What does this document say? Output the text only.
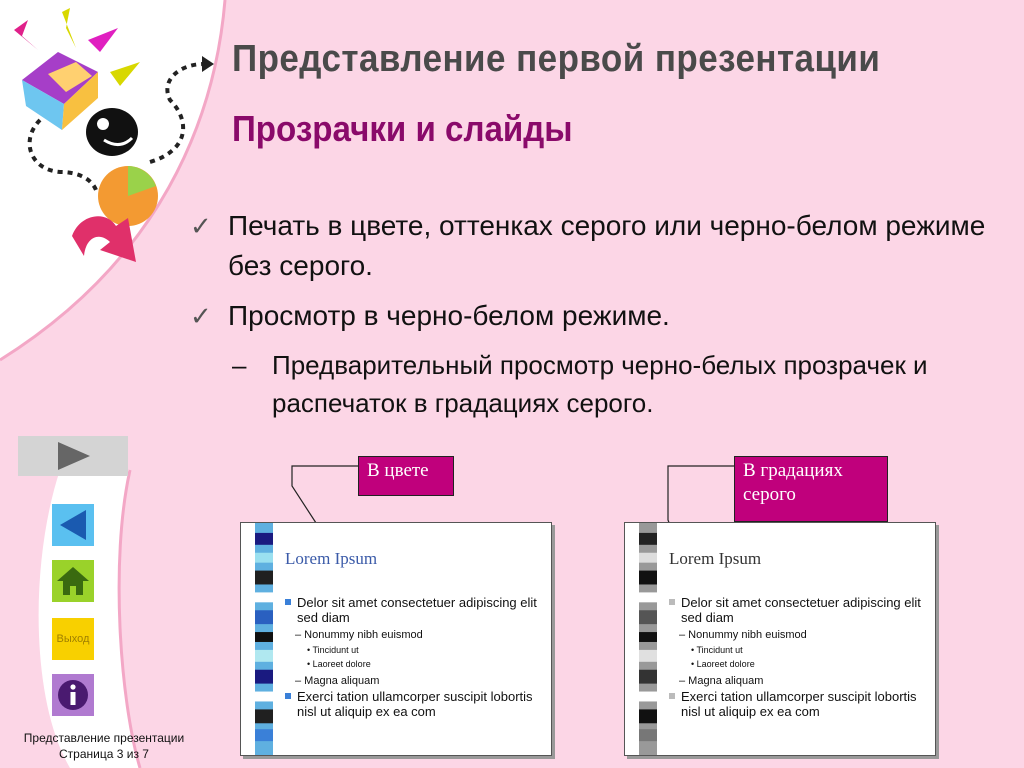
Представление первой презентации
Прозрачки и слайды
✓ Печать в цвете, оттенках серого или черно-белом режиме без серого.
✓ Просмотр в черно-белом режиме.
– Предварительный просмотр черно-белых прозрачек и распечаток в градациях серого.
В цвете	В градациях серого
Lorem Ipsum
Delor sit amet consectetuer adipiscing elit sed diam
– Nonummy nibh euismod
• Tincidunt ut
• Laoreet dolore
– Magna aliquam
Exerci tation ullamcorper suscipit lobortis nisl ut aliquip ex ea com
Lorem Ipsum
Delor sit amet consectetuer adipiscing elit sed diam
– Nonummy nibh euismod
• Tincidunt ut
• Laoreet dolore
– Magna aliquam
Exerci tation ullamcorper suscipit lobortis nisl ut aliquip ex ea com
Выход
Представление презентации
Страница 3 из 7
